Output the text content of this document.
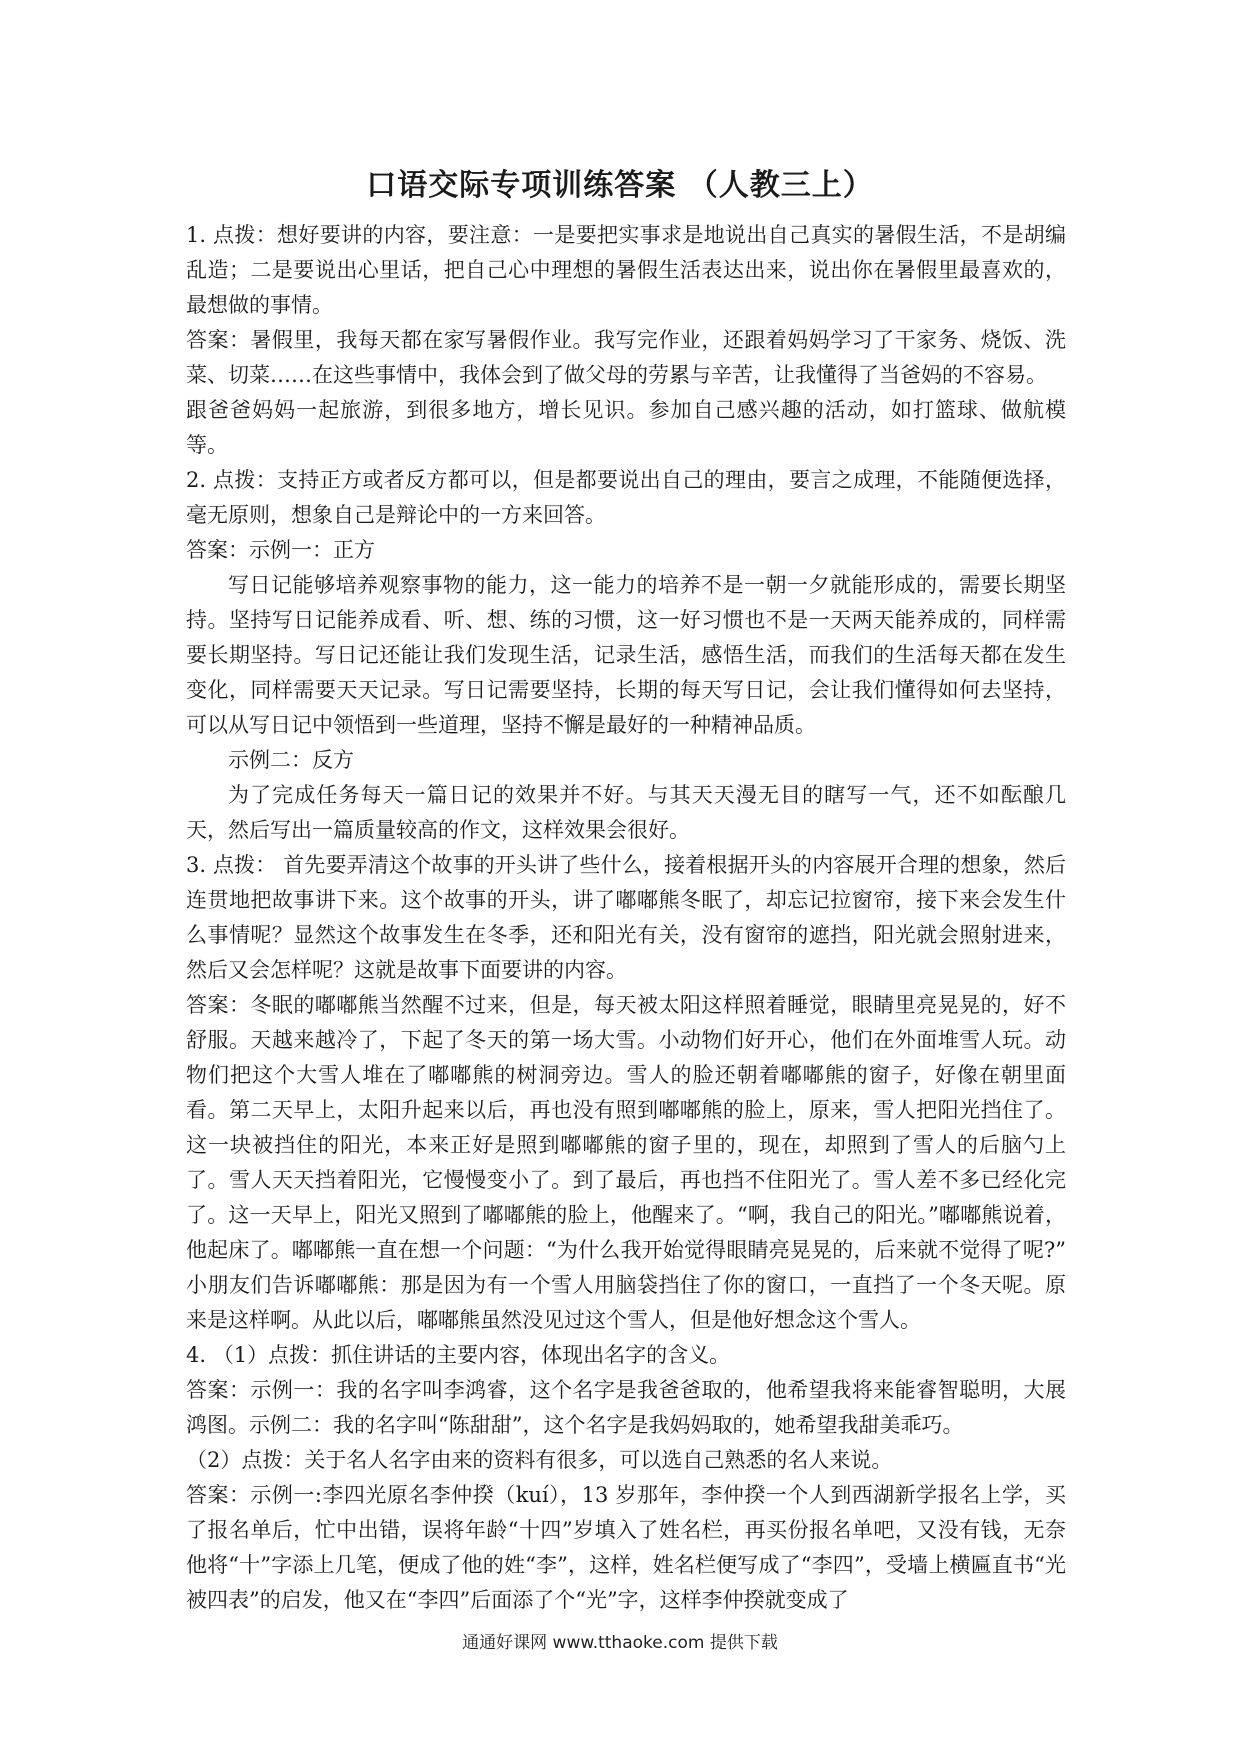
口语交际专项训练答案 （人教三上）

1. 点拨：想好要讲的内容，要注意：一是要把实事求是地说出自己真实的暑假生活，不是胡编乱造；二是要说出心里话，把自己心中理想的暑假生活表达出来，说出你在暑假里最喜欢的，最想做的事情。

答案：暑假里，我每天都在家写暑假作业。我写完作业，还跟着妈妈学习了干家务、烧饭、洗菜、切菜……在这些事情中，我体会到了做父母的劳累与辛苦，让我懂得了当爸妈的不容易。

跟爸爸妈妈一起旅游，到很多地方，增长见识。参加自己感兴趣的活动，如打篮球、做航模等。

2. 点拨：支持正方或者反方都可以，但是都要说出自己的理由，要言之成理，不能随便选择，毫无原则，想象自己是辩论中的一方来回答。

答案：示例一：正方

写日记能够培养观察事物的能力，这一能力的培养不是一朝一夕就能形成的，需要长期坚持。坚持写日记能养成看、听、想、练的习惯，这一好习惯也不是一天两天能养成的，同样需要长期坚持。写日记还能让我们发现生活，记录生活，感悟生活，而我们的生活每天都在发生变化，同样需要天天记录。写日记需要坚持，长期的每天写日记，会让我们懂得如何去坚持，可以从写日记中领悟到一些道理，坚持不懈是最好的一种精神品质。

示例二：反方

为了完成任务每天一篇日记的效果并不好。与其天天漫无目的瞎写一气，还不如酝酿几天，然后写出一篇质量较高的作文，这样效果会很好。

3. 点拨： 首先要弄清这个故事的开头讲了些什么，接着根据开头的内容展开合理的想象，然后连贯地把故事讲下来。这个故事的开头，讲了嘟嘟熊冬眠了，却忘记拉窗帘，接下来会发生什么事情呢？显然这个故事发生在冬季，还和阳光有关，没有窗帘的遮挡，阳光就会照射进来，然后又会怎样呢？这就是故事下面要讲的内容。

答案：冬眠的嘟嘟熊当然醒不过来，但是，每天被太阳这样照着睡觉，眼睛里亮晃晃的，好不舒服。天越来越冷了，下起了冬天的第一场大雪。小动物们好开心，他们在外面堆雪人玩。动物们把这个大雪人堆在了嘟嘟熊的树洞旁边。雪人的脸还朝着嘟嘟熊的窗子，好像在朝里面看。第二天早上，太阳升起来以后，再也没有照到嘟嘟熊的脸上，原来，雪人把阳光挡住了。这一块被挡住的阳光，本来正好是照到嘟嘟熊的窗子里的，现在，却照到了雪人的后脑勺上了。雪人天天挡着阳光，它慢慢变小了。到了最后，再也挡不住阳光了。雪人差不多已经化完了。这一天早上，阳光又照到了嘟嘟熊的脸上，他醒来了。“啊，我自己的阳光。”嘟嘟熊说着，他起床了。嘟嘟熊一直在想一个问题：“为什么我开始觉得眼睛亮晃晃的，后来就不觉得了呢?” 小朋友们告诉嘟嘟熊：那是因为有一个雪人用脑袋挡住了你的窗口，一直挡了一个冬天呢。原来是这样啊。从此以后，嘟嘟熊虽然没见过这个雪人，但是他好想念这个雪人。

4. （1）点拨：抓住讲话的主要内容，体现出名字的含义。

答案：示例一：我的名字叫李鸿睿，这个名字是我爸爸取的，他希望我将来能睿智聪明，大展鸿图。示例二：我的名字叫“陈甜甜”，这个名字是我妈妈取的，她希望我甜美乖巧。

（2）点拨：关于名人名字由来的资料有很多，可以选自己熟悉的名人来说。

答案：示例一:李四光原名李仲揆（kuí），13 岁那年，李仲揆一个人到西湖新学报名上学，买了报名单后，忙中出错，误将年龄“十四”岁填入了姓名栏，再买份报名单吧，又没有钱，无奈他将“十”字添上几笔，便成了他的姓“李”，这样，姓名栏便写成了“李四”，受墙上横匾直书“光被四表”的启发，他又在“李四”后面添了个“光”字，这样李仲揆就变成了

通通好课网 www.tthaoke.com 提供下载
